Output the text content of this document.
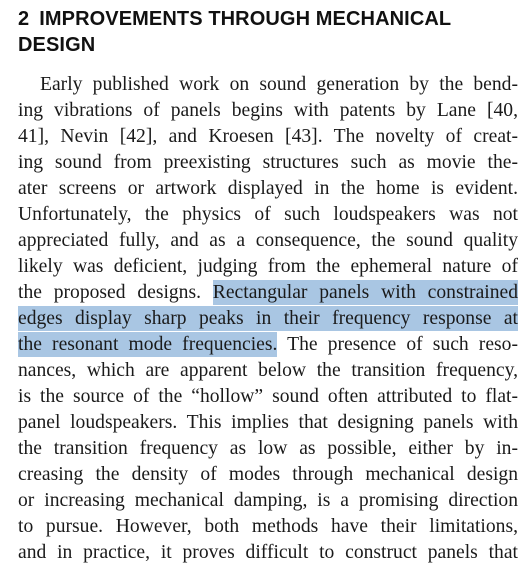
2 IMPROVEMENTS THROUGH MECHANICAL
DESIGN
Early published work on sound generation by the bend-
ing vibrations of panels begins with patents by Lane [40,
41], Nevin [42], and Kroesen [43]. The novelty of creat-
ing sound from preexisting structures such as movie the-
ater screens or artwork displayed in the home is evident.
Unfortunately, the physics of such loudspeakers was not
appreciated fully, and as a consequence, the sound quality
likely was deficient, judging from the ephemeral nature of
the proposed designs. Rectangular panels with constrained
edges display sharp peaks in their frequency response at
the resonant mode frequencies. The presence of such reso-
nances, which are apparent below the transition frequency,
is the source of the “hollow” sound often attributed to flat-
panel loudspeakers. This implies that designing panels with
the transition frequency as low as possible, either by in-
creasing the density of modes through mechanical design
or increasing mechanical damping, is a promising direction
to pursue. However, both methods have their limitations,
and in practice, it proves difficult to construct panels that
